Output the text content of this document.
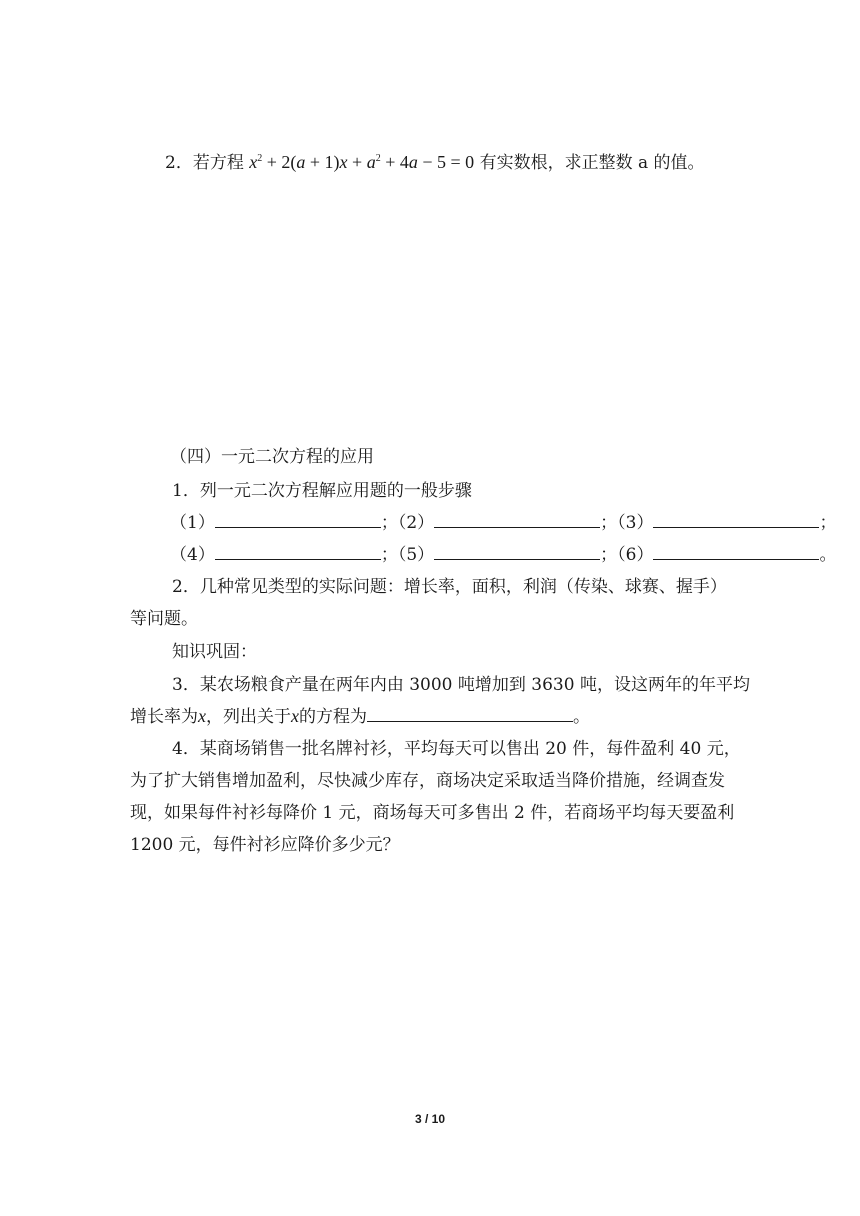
2．若方程 $x^2 + 2(a + 1)x + a^2 + 4a - 5 = 0$ 有实数根，求正整数 a 的值。
（四）一元二次方程的应用
1．列一元二次方程解应用题的一般步骤
（1）	；（2）	；（3）	；
（4）	；（5）	；（6）	。
2．几种常见类型的实际问题：增长率，面积，利润（传染、球赛、握手）
等问题。
知识巩固：
3．某农场粮食产量在两年内由 3000 吨增加到 3630 吨，设这两年的年平均
增长率为x，列出关于x的方程为	。
4．某商场销售一批名牌衬衫，平均每天可以售出 20 件，每件盈利 40 元，
为了扩大销售增加盈利，尽快减少库存，商场决定采取适当降价措施，经调查发
现，如果每件衬衫每降价 1 元，商场每天可多售出 2 件，若商场平均每天要盈利
1200 元，每件衬衫应降价多少元？
3 / 10
